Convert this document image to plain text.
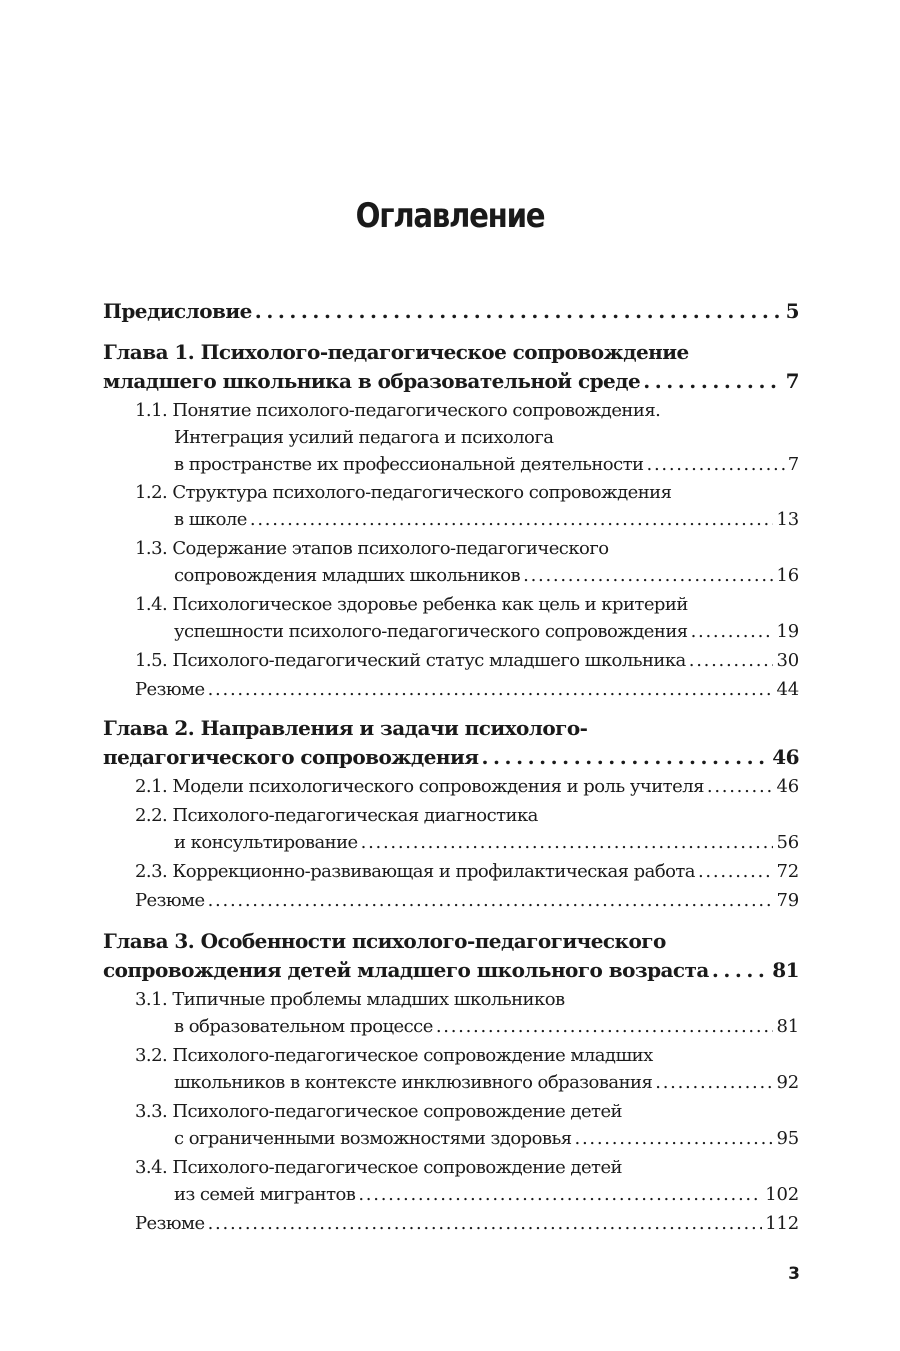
Оглавление
Предисловие . . .	5
Глава 1. Психолого-педагогическое сопровождение
младшего школьника в образовательной среде . . .	7
1.1. Понятие психолого-педагогического сопровождения.
Интеграция усилий педагога и психолога
в пространстве их профессиональной деятельности . . .	7
1.2. Структура психолого-педагогического сопровождения
в школе . . .	13
1.3. Содержание этапов психолого-педагогического
сопровождения младших школьников . . .	16
1.4. Психологическое здоровье ребенка как цель и критерий
успешности психолого-педагогического сопровождения . . .	19
1.5. Психолого-педагогический статус младшего школьника . . .	30
Резюме . . .	44
Глава 2. Направления и задачи психолого-
педагогического сопровождения . . .	46
2.1. Модели психологического сопровождения и роль учителя . . .	46
2.2. Психолого-педагогическая диагностика
и консультирование . . .	56
2.3. Коррекционно-развивающая и профилактическая работа . . .	72
Резюме . . .	79
Глава 3. Особенности психолого-педагогического
сопровождения детей младшего школьного возраста . . .	81
3.1. Типичные проблемы младших школьников
в образовательном процессе . . .	81
3.2. Психолого-педагогическое сопровождение младших
школьников в контексте инклюзивного образования . . .	92
3.3. Психолого-педагогическое сопровождение детей
с ограниченными возможностями здоровья . . .	95
3.4. Психолого-педагогическое сопровождение детей
из семей мигрантов . . .	102
Резюме . . .	112
3
